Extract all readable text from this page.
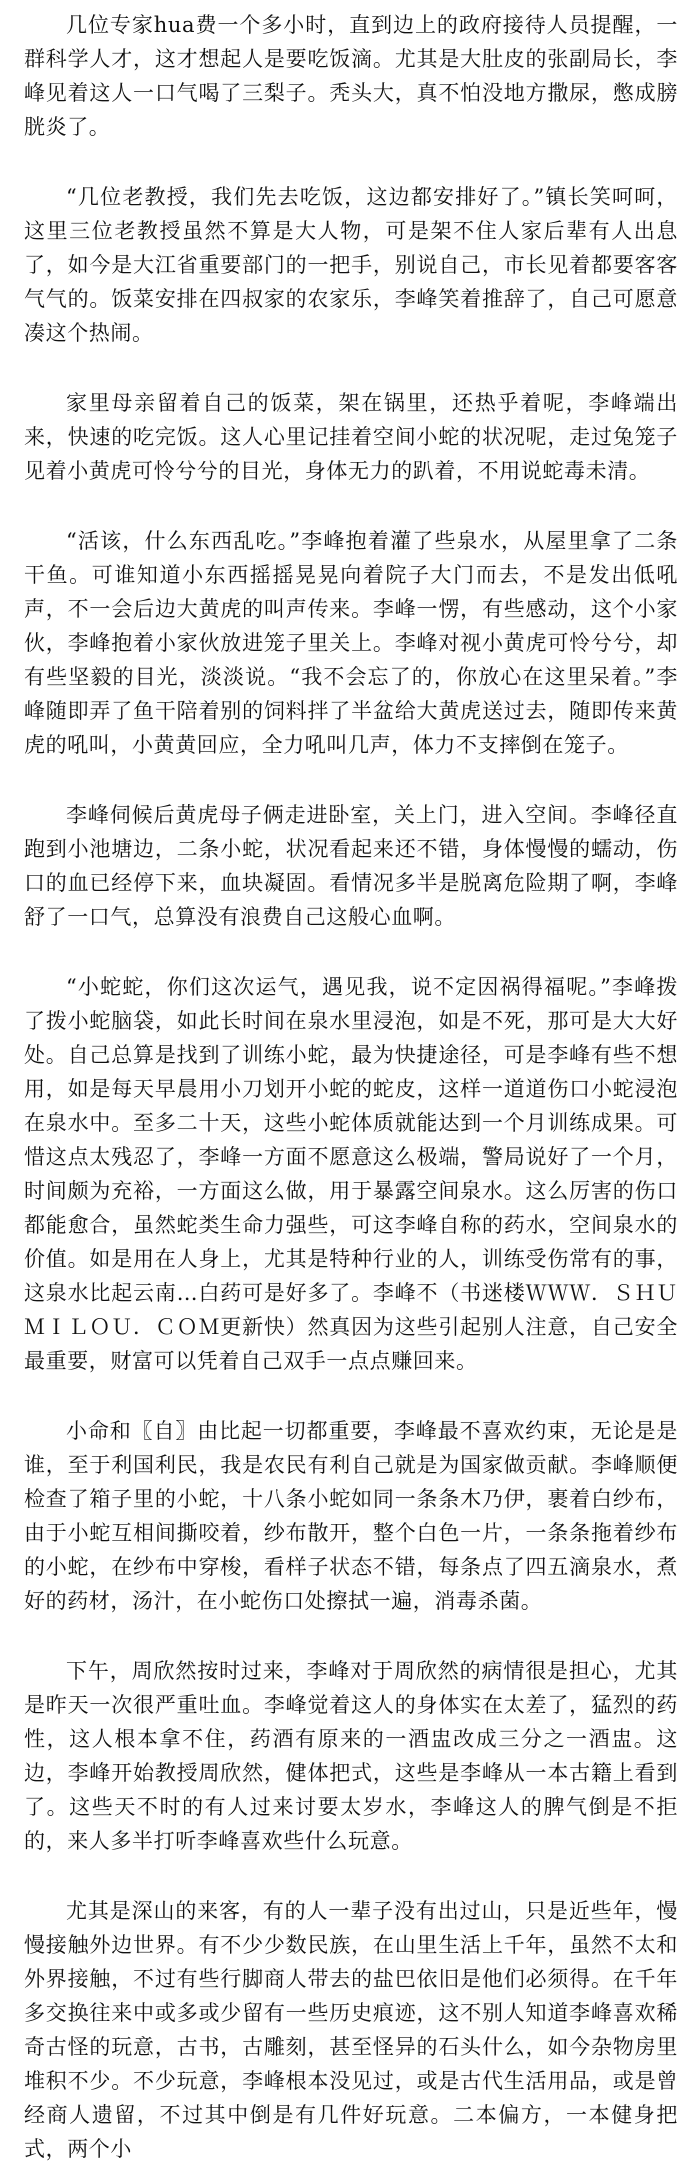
几位专家hua费一个多小时，直到边上的政府接待人员提醒，一群科学人才，这才想起人是要吃饭滴。尤其是大肚皮的张副局长，李峰见着这人一口气喝了三梨子。秃头大，真不怕没地方撒尿，憋成膀胱炎了。

“几位老教授，我们先去吃饭，这边都安排好了。”镇长笑呵呵，这里三位老教授虽然不算是大人物，可是架不住人家后辈有人出息了，如今是大江省重要部门的一把手，别说自己，市长见着都要客客气气的。饭菜安排在四叔家的农家乐，李峰笑着推辞了，自己可愿意凑这个热闹。

家里母亲留着自己的饭菜，架在锅里，还热乎着呢，李峰端出来，快速的吃完饭。这人心里记挂着空间小蛇的状况呢，走过兔笼子见着小黄虎可怜兮兮的目光，身体无力的趴着，不用说蛇毒未清。

“活该，什么东西乱吃。”李峰抱着灌了些泉水，从屋里拿了二条干鱼。可谁知道小东西摇摇晃晃向着院子大门而去，不是发出低吼声，不一会后边大黄虎的叫声传来。李峰一愣，有些感动，这个小家伙，李峰抱着小家伙放进笼子里关上。李峰对视小黄虎可怜兮兮，却有些坚毅的目光，淡淡说。“我不会忘了的，你放心在这里呆着。”李峰随即弄了鱼干陪着别的饲料拌了半盆给大黄虎送过去，随即传来黄虎的吼叫，小黄黄回应，全力吼叫几声，体力不支摔倒在笼子。

李峰伺候后黄虎母子俩走进卧室，关上门，进入空间。李峰径直跑到小池塘边，二条小蛇，状况看起来还不错，身体慢慢的蠕动，伤口的血已经停下来，血块凝固。看情况多半是脱离危险期了啊，李峰舒了一口气，总算没有浪费自己这般心血啊。

“小蛇蛇，你们这次运气，遇见我，说不定因祸得福呢。”李峰拨了拨小蛇脑袋，如此长时间在泉水里浸泡，如是不死，那可是大大好处。自己总算是找到了训练小蛇，最为快捷途径，可是李峰有些不想用，如是每天早晨用小刀划开小蛇的蛇皮，这样一道道伤口小蛇浸泡在泉水中。至多二十天，这些小蛇体质就能达到一个月训练成果。可惜这点太残忍了，李峰一方面不愿意这么极端，警局说好了一个月，时间颇为充裕，一方面这么做，用于暴露空间泉水。这么厉害的伤口都能愈合，虽然蛇类生命力强些，可这李峰自称的药水，空间泉水的价值。如是用在人身上，尤其是特种行业的人，训练受伤常有的事，这泉水比起云南…白药可是好多了。李峰不（书迷楼ＷＷＷ．ＳＨＵＭＩＬＯＵ．ＣＯＭ更新快）然真因为这些引起别人注意，自己安全最重要，财富可以凭着自己双手一点点赚回来。

小命和〖自〗由比起一切都重要，李峰最不喜欢约束，无论是是谁，至于利国利民，我是农民有利自己就是为国家做贡献。李峰顺便检查了箱子里的小蛇，十八条小蛇如同一条条木乃伊，裹着白纱布，由于小蛇互相间撕咬着，纱布散开，整个白色一片，一条条拖着纱布的小蛇，在纱布中穿梭，看样子状态不错，每条点了四五滴泉水，煮好的药材，汤汁，在小蛇伤口处擦拭一遍，消毒杀菌。

下午，周欣然按时过来，李峰对于周欣然的病情很是担心，尤其是昨天一次很严重吐血。李峰觉着这人的身体实在太差了，猛烈的药性，这人根本拿不住，药酒有原来的一酒盅改成三分之一酒盅。这边，李峰开始教授周欣然，健体把式，这些是李峰从一本古籍上看到了。这些天不时的有人过来讨要太岁水，李峰这人的脾气倒是不拒的，来人多半打听李峰喜欢些什么玩意。

尤其是深山的来客，有的人一辈子没有出过山，只是近些年，慢慢接触外边世界。有不少少数民族，在山里生活上千年，虽然不太和外界接触，不过有些行脚商人带去的盐巴依旧是他们必须得。在千年多交换往来中或多或少留有一些历史痕迹，这不别人知道李峰喜欢稀奇古怪的玩意，古书，古雕刻，甚至怪异的石头什么，如今杂物房里堆积不少。不少玩意，李峰根本没见过，或是古代生活用品，或是曾经商人遗留，不过其中倒是有几件好玩意。二本偏方，一本健身把式，两个小
